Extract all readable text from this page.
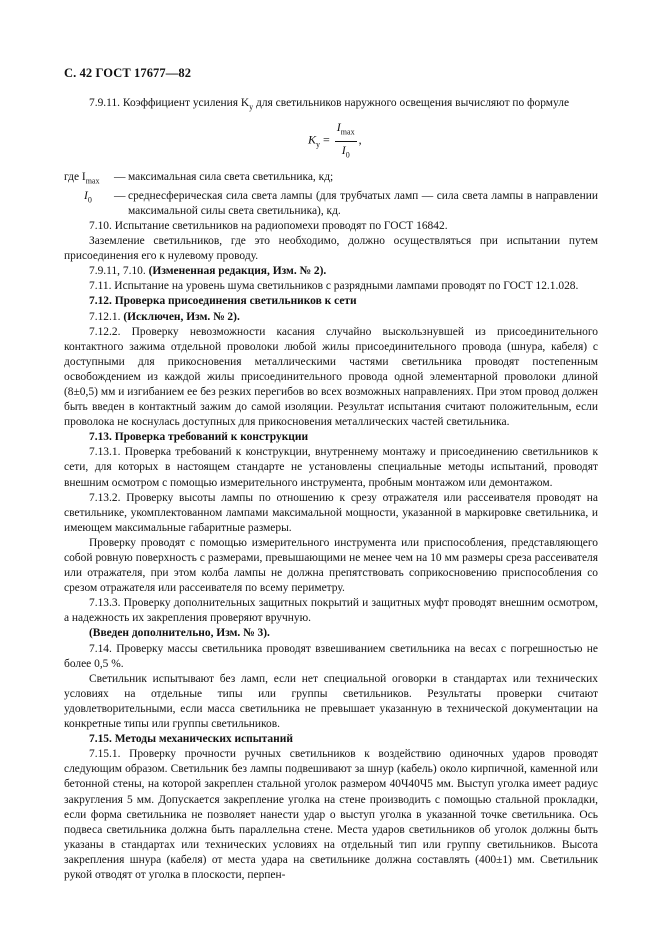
С. 42 ГОСТ 17677—82

7.9.11. Коэффициент усиления $K_у$ для светильников наружного освещения вычисляют по формуле

$K_у = \frac{I_{max}}{I_0}$ ,
где $I_{max}$	— максимальная сила света светильника, кд;
$I_0$	— среднесферическая сила света лампы (для трубчатых ламп — сила света лампы в направлении максимальной силы света светильника), кд.

7.10. Испытание светильников на радиопомехи проводят по ГОСТ 16842.

Заземление светильников, где это необходимо, должно осуществляться при испытании путем присоединения его к нулевому проводу.

7.9.11, 7.10. (Измененная редакция, Изм. № 2).

7.11. Испытание на уровень шума светильников с разрядными лампами проводят по ГОСТ 12.1.028.

7.12. Проверка присоединения светильников к сети

7.12.1. (Исключен, Изм. № 2).

7.12.2. Проверку невозможности касания случайно выскользнувшей из присоединительного контактного зажима отдельной проволоки любой жилы присоединительного провода (шнура, кабеля) с доступными для прикосновения металлическими частями светильника проводят постепенным освобождением из каждой жилы присоединительного провода одной элементарной проволоки длиной (8±0,5) мм и изгибанием ее без резких перегибов во всех возможных направлениях. При этом провод должен быть введен в контактный зажим до самой изоляции. Результат испытания считают положительным, если проволока не коснулась доступных для прикосновения металлических частей светильника.

7.13. Проверка требований к конструкции

7.13.1. Проверка требований к конструкции, внутреннему монтажу и присоединению светильников к сети, для которых в настоящем стандарте не установлены специальные методы испытаний, проводят внешним осмотром с помощью измерительного инструмента, пробным монтажом или демонтажом.

7.13.2. Проверку высоты лампы по отношению к срезу отражателя или рассеивателя проводят на светильнике, укомплектованном лампами максимальной мощности, указанной в маркировке светильника, и имеющем максимальные габаритные размеры.

Проверку проводят с помощью измерительного инструмента или приспособления, представляющего собой ровную поверхность с размерами, превышающими не менее чем на 10 мм размеры среза рассеивателя или отражателя, при этом колба лампы не должна препятствовать соприкосновению приспособления со срезом отражателя или рассеивателя по всему периметру.

7.13.3. Проверку дополнительных защитных покрытий и защитных муфт проводят внешним осмотром, а надежность их закрепления проверяют вручную.

(Введен дополнительно, Изм. № 3).

7.14. Проверку массы светильника проводят взвешиванием светильника на весах с погрешностью не более 0,5 %.

Светильник испытывают без ламп, если нет специальной оговорки в стандартах или технических условиях на отдельные типы или группы светильников. Результаты проверки считают удовлетворительными, если масса светильника не превышает указанную в технической документации на конкретные типы или группы светильников.

7.15. Методы механических испытаний

7.15.1. Проверку прочности ручных светильников к воздействию одиночных ударов проводят следующим образом. Светильник без лампы подвешивают за шнур (кабель) около кирпичной, каменной или бетонной стены, на которой закреплен стальной уголок размером 40Ч40Ч5 мм. Выступ уголка имеет радиус закругления 5 мм. Допускается закрепление уголка на стене производить с помощью стальной прокладки, если форма светильника не позволяет нанести удар о выступ уголка в указанной точке светильника. Ось подвеса светильника должна быть параллельна стене. Места ударов светильников об уголок должны быть указаны в стандартах или технических условиях на отдельный тип или группу светильников. Высота закрепления шнура (кабеля) от места удара на светильнике должна составлять (400±1) мм. Светильник рукой отводят от уголка в плоскости, перпен-
